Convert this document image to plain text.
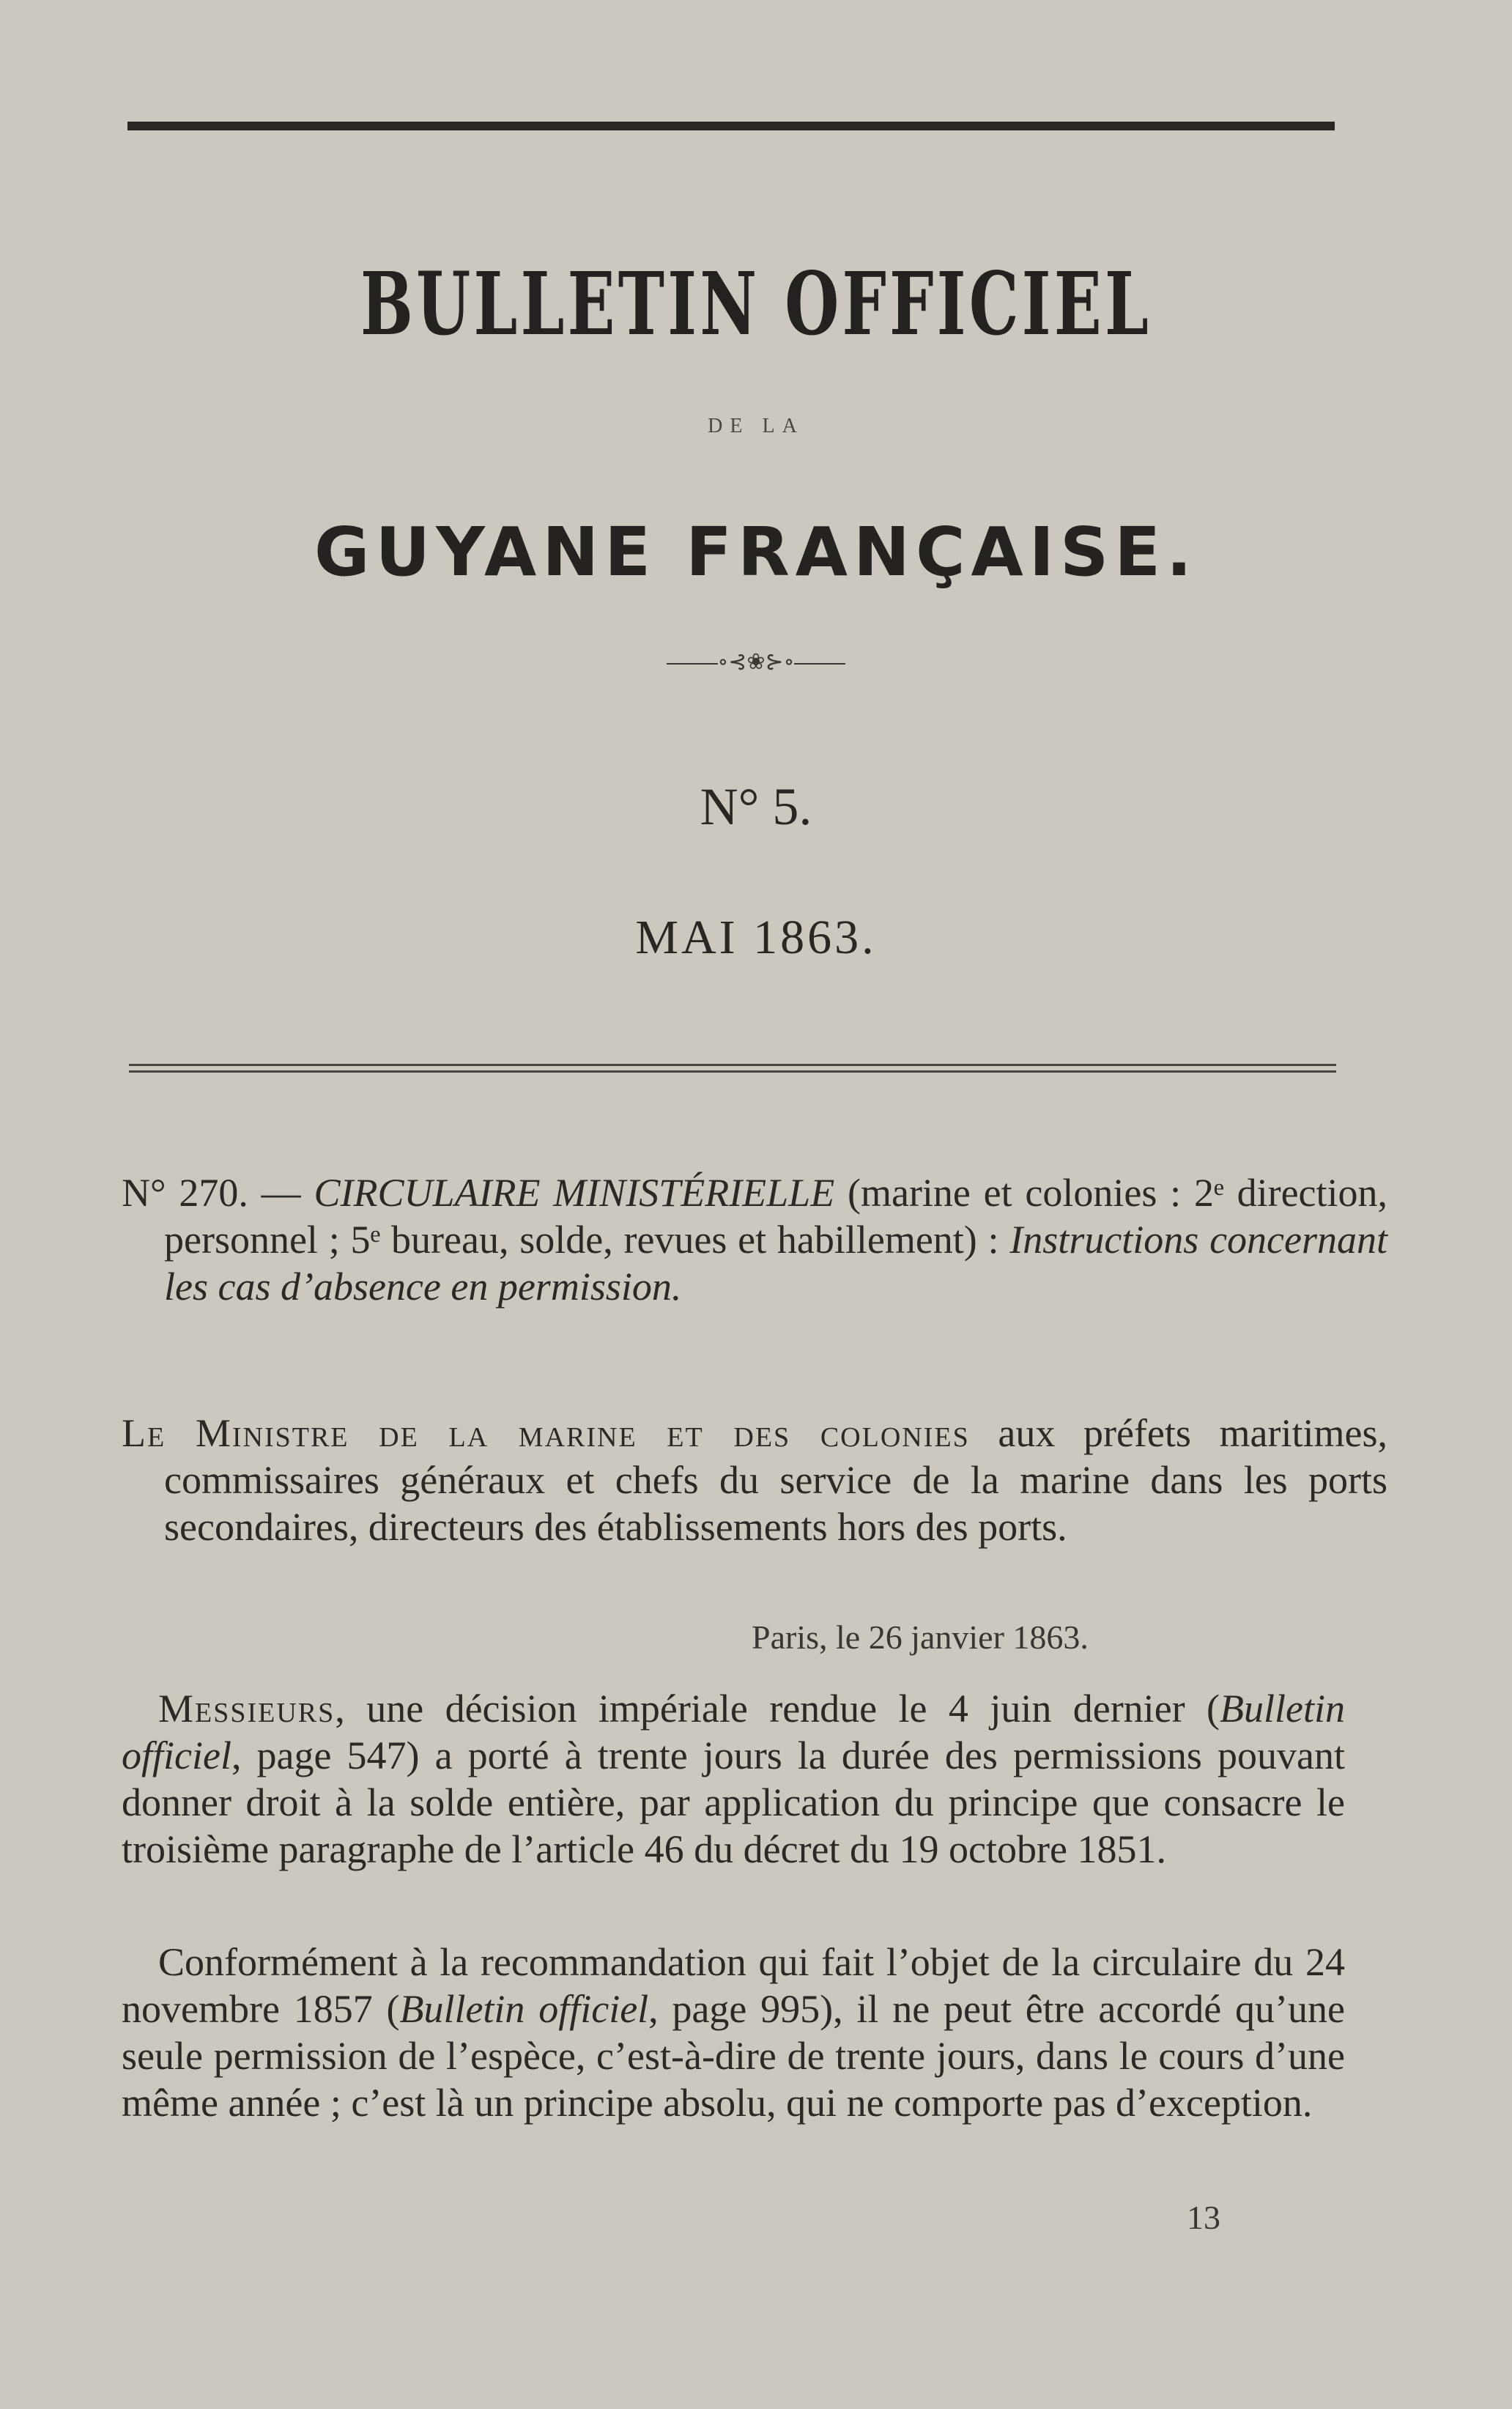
BULLETIN OFFICIEL
DE LA
GUYANE FRANÇAISE.
∘⊰❀⊱∘
N° 5.
MAI 1863.
N° 270. — CIRCULAIRE MINISTÉRIELLE (marine et colonies : 2ᵉ direction, personnel ; 5ᵉ bureau, solde, revues et habillement) : Instructions concernant les cas d’absence en permission.
Le Ministre de la marine et des colonies aux préfets maritimes, commissaires généraux et chefs du service de la marine dans les ports secondaires, directeurs des établissements hors des ports.
Paris, le 26 janvier 1863.
Messieurs, une décision impériale rendue le 4 juin dernier (Bulletin officiel, page 547) a porté à trente jours la durée des permissions pouvant donner droit à la solde entière, par application du principe que consacre le troisième paragraphe de l’article 46 du décret du 19 octobre 1851.
Conformément à la recommandation qui fait l’objet de la circulaire du 24 novembre 1857 (Bulletin officiel, page 995), il ne peut être accordé qu’une seule permission de l’espèce, c’est-à-dire de trente jours, dans le cours d’une même année ; c’est là un principe absolu, qui ne comporte pas d’exception.
13
